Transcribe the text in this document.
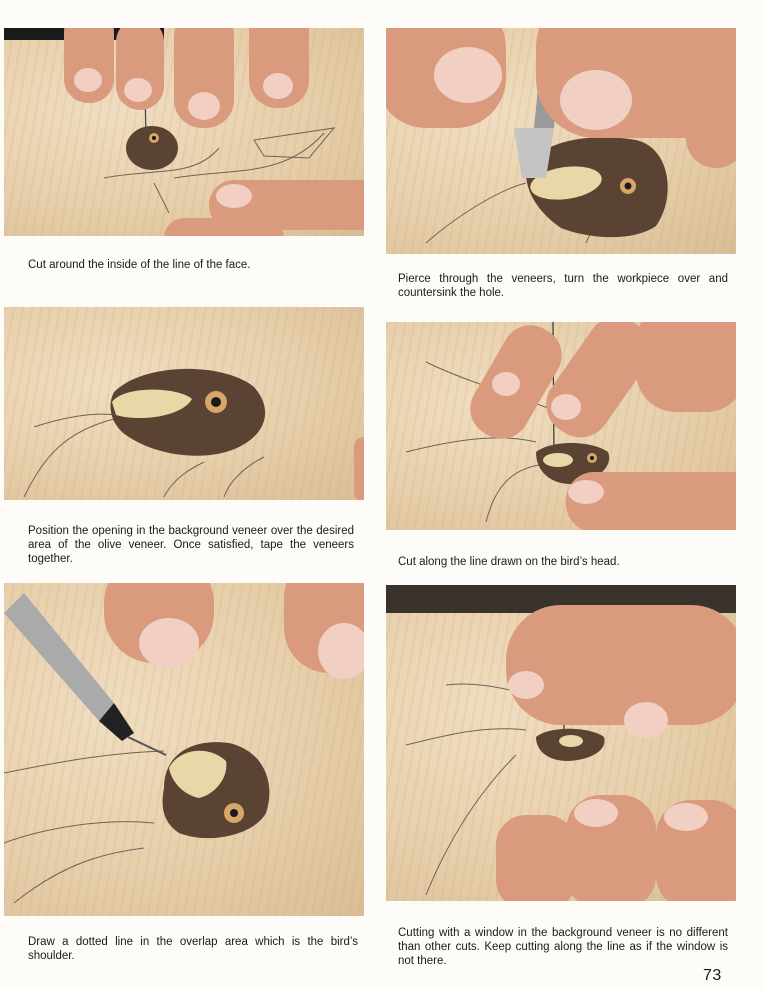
Cut around the inside of the line of the face.

Pierce through the veneers, turn the workpiece over and countersink the hole.

Position the opening in the background veneer over the desired area of the olive veneer. Once satisfied, tape the veneers together.	Cut along the line drawn on the bird’s head.

Draw a dotted line in the overlap area which is the bird’s shoulder.

Cutting with a window in the background veneer is no different than other cuts. Keep cutting along the line as if the window is not there.

73
